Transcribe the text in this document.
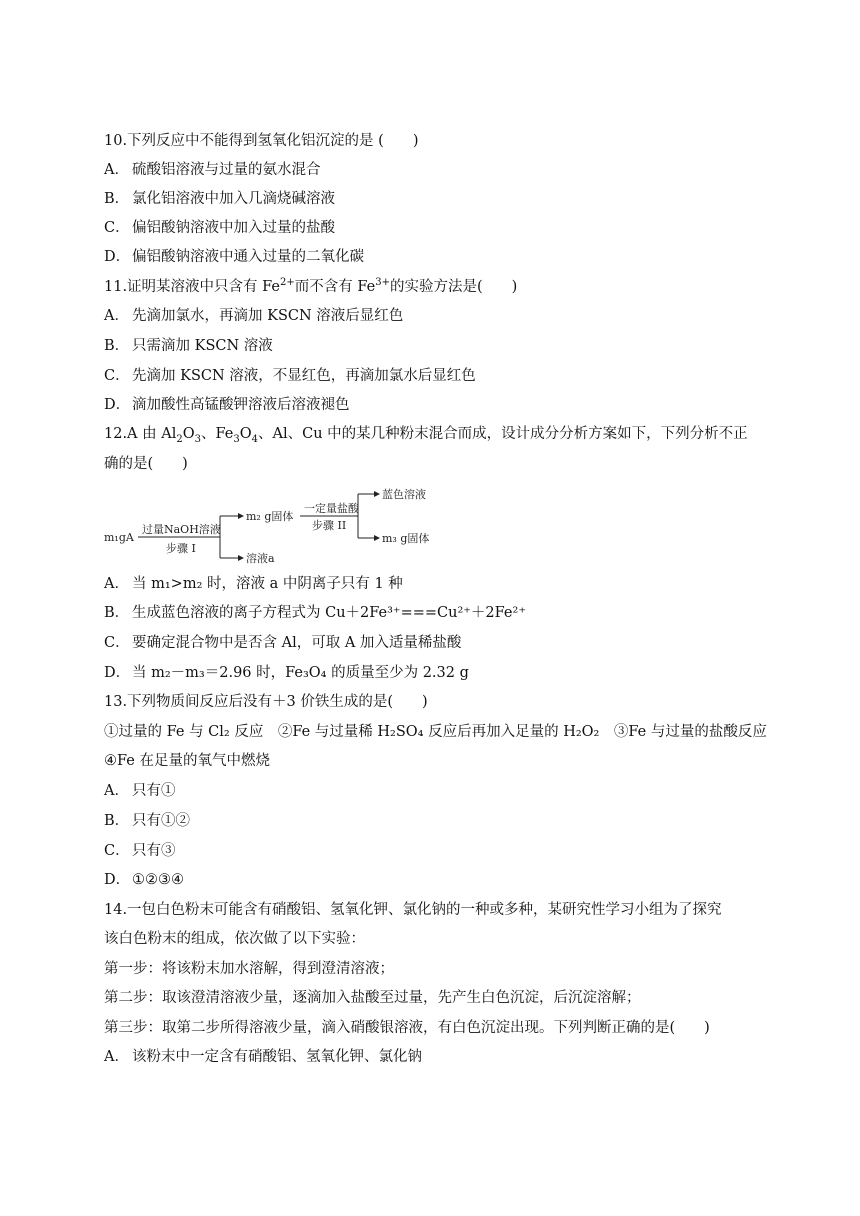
10.下列反应中不能得到氢氧化铝沉淀的是 (　　)
A． 硫酸铝溶液与过量的氨水混合
B． 氯化铝溶液中加入几滴烧碱溶液
C． 偏铝酸钠溶液中加入过量的盐酸
D． 偏铝酸钠溶液中通入过量的二氧化碳
11.证明某溶液中只含有 $Fe^{2+}$而不含有 $Fe^{3+}$的实验方法是(　　)
A． 先滴加氯水，再滴加 KSCN 溶液后显红色
B． 只需滴加 KSCN 溶液
C． 先滴加 KSCN 溶液，不显红色，再滴加氯水后显红色
D． 滴加酸性高锰酸钾溶液后溶液褪色
12.A 由 $Al_2O_3$、$Fe_3O_4$、Al、Cu 中的某几种粉末混合而成，设计成分分析方案如下，下列分析不正
确的是(　　)
m₁gA
过量NaOH溶液
步骤 I
m₂ g固体
溶液a
一定量盐酸
步骤 II
蓝色溶液
m₃ g固体
A． 当 m₁>m₂ 时，溶液 a 中阴离子只有 1 种
B． 生成蓝色溶液的离子方程式为 Cu＋2Fe³⁺===Cu²⁺＋2Fe²⁺
C． 要确定混合物中是否含 Al，可取 A 加入适量稀盐酸
D． 当 m₂－m₃＝2.96 时，Fe₃O₄ 的质量至少为 2.32 g
13.下列物质间反应后没有＋3 价铁生成的是(　　)
①过量的 Fe 与 Cl₂ 反应　②Fe 与过量稀 H₂SO₄ 反应后再加入足量的 H₂O₂　③Fe 与过量的盐酸反应
④Fe 在足量的氧气中燃烧
A． 只有①
B． 只有①②
C． 只有③
D． ①②③④
14.一包白色粉末可能含有硝酸铝、氢氧化钾、氯化钠的一种或多种，某研究性学习小组为了探究
该白色粉末的组成，依次做了以下实验：
第一步：将该粉末加水溶解，得到澄清溶液；
第二步：取该澄清溶液少量，逐滴加入盐酸至过量，先产生白色沉淀，后沉淀溶解；
第三步：取第二步所得溶液少量，滴入硝酸银溶液，有白色沉淀出现。下列判断正确的是(　　)
A． 该粉末中一定含有硝酸铝、氢氧化钾、氯化钠
